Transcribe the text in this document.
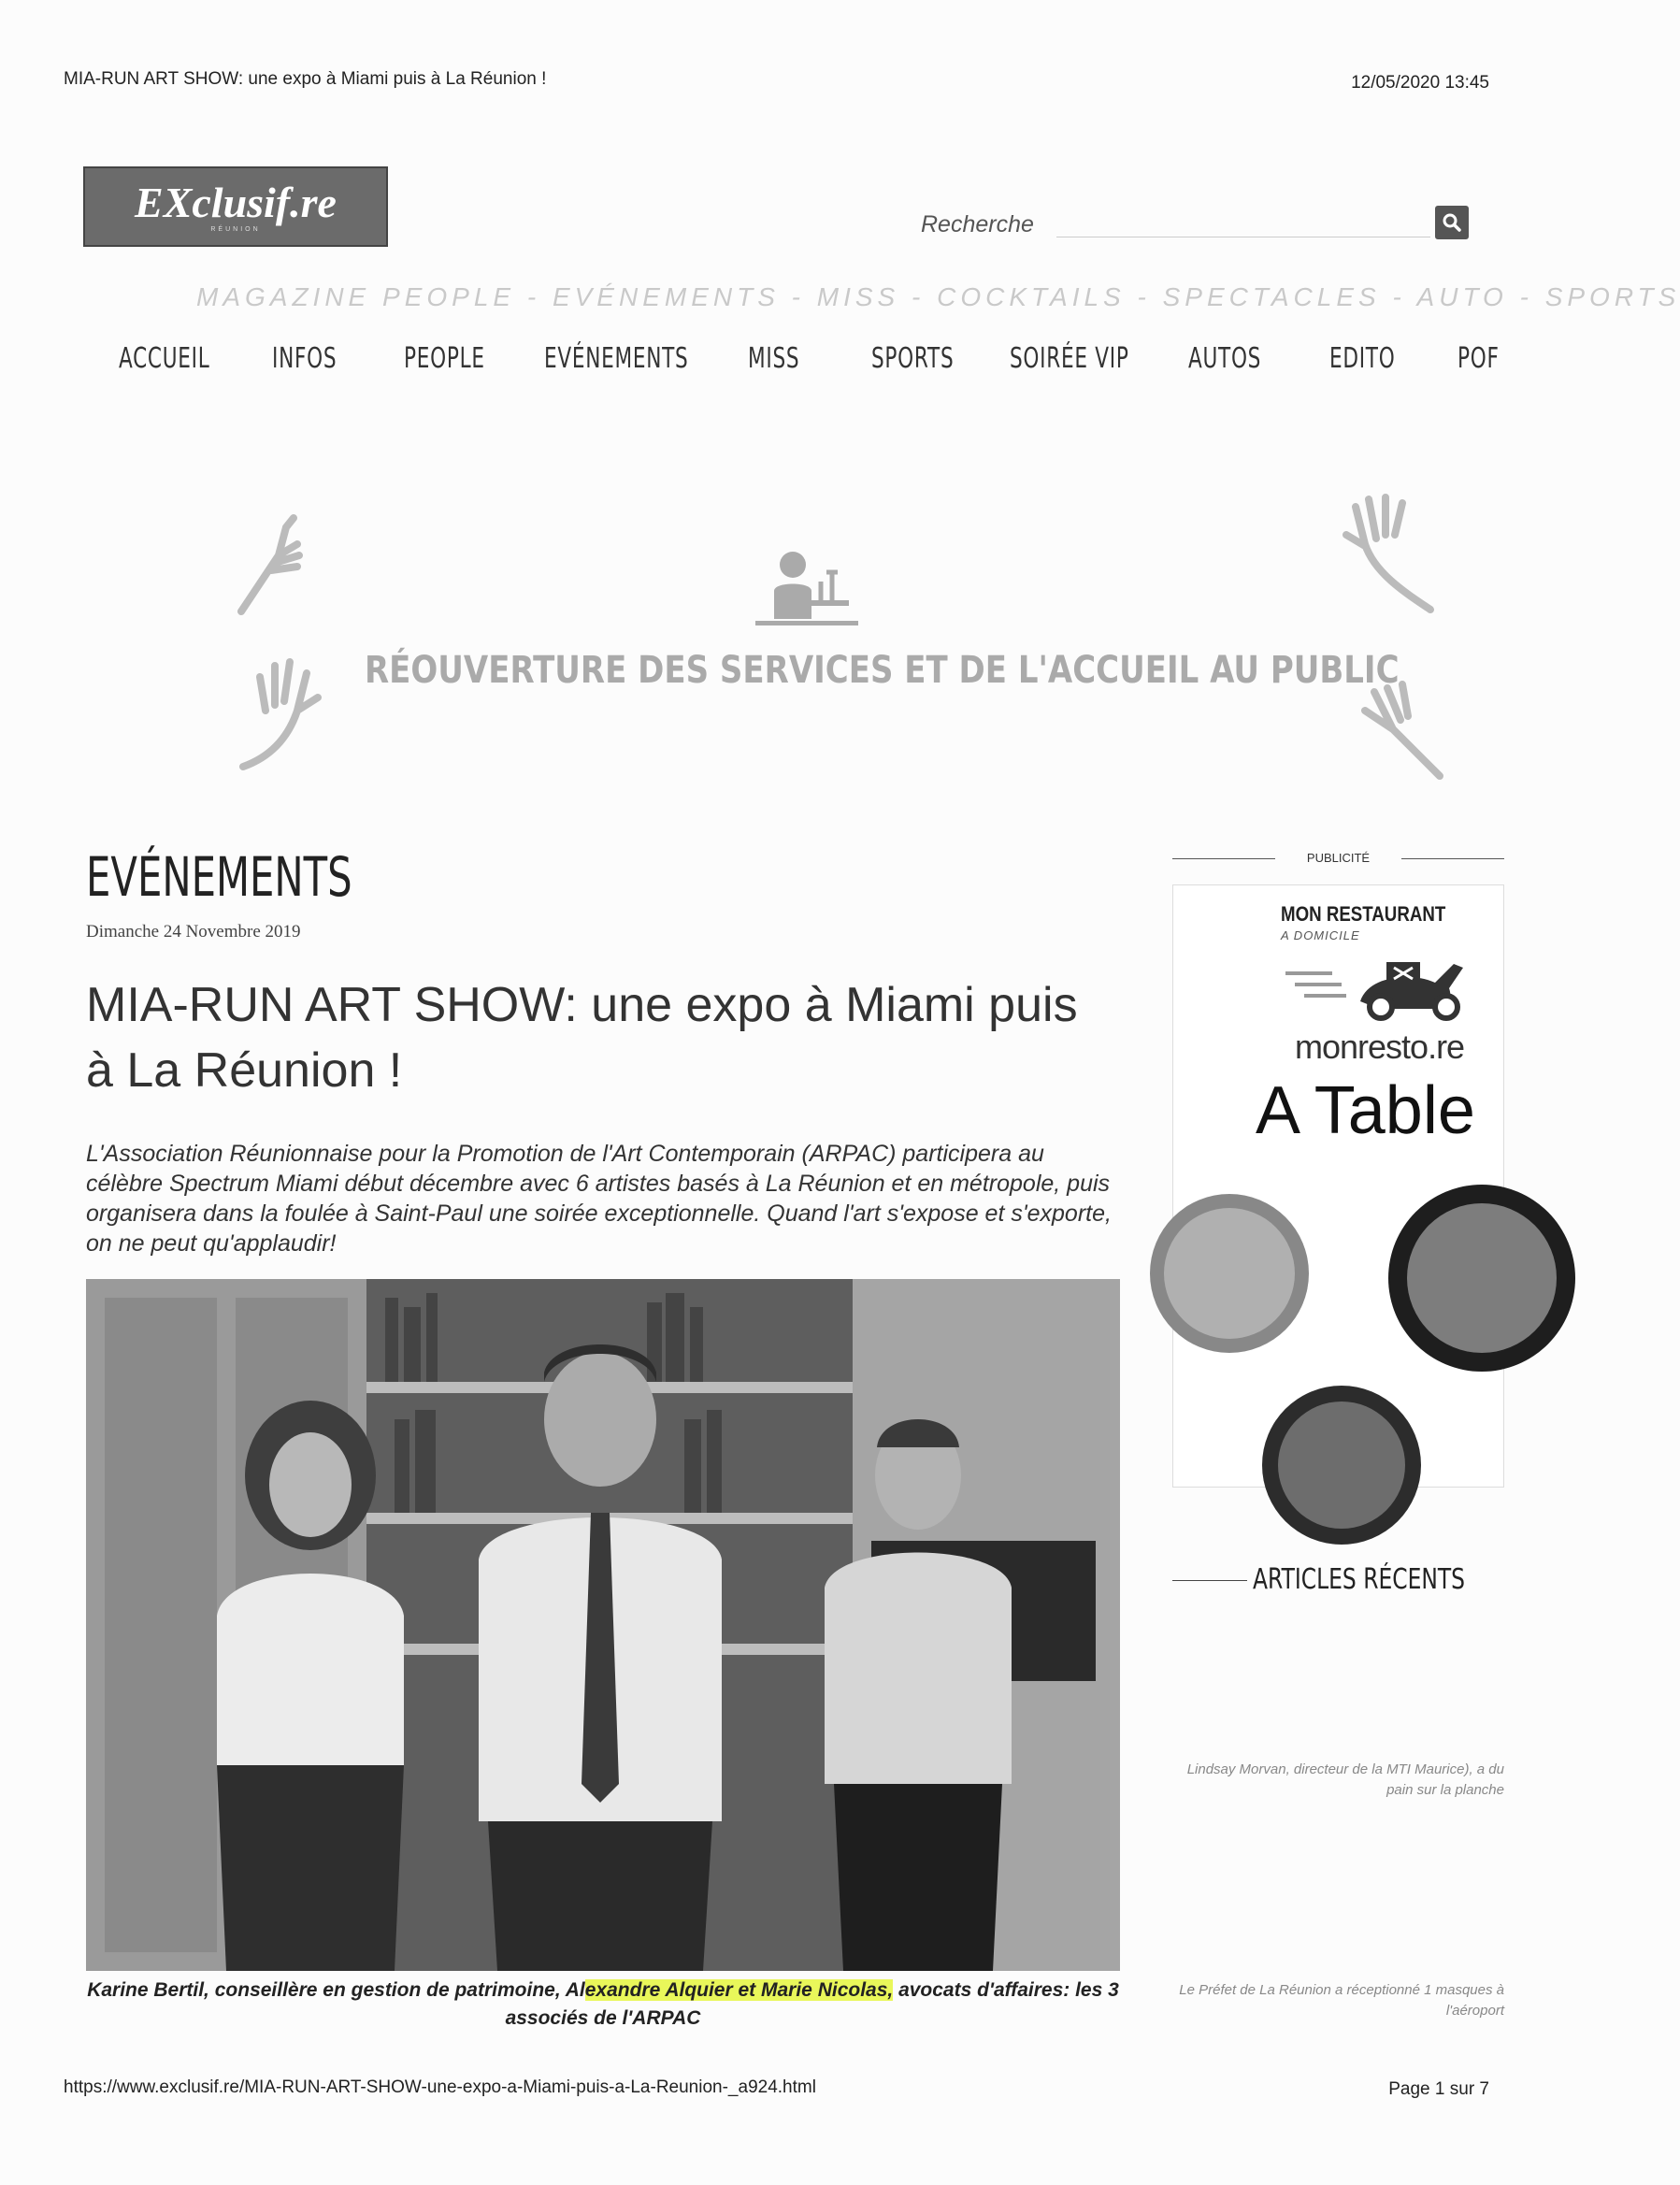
MIA-RUN ART SHOW: une expo à Miami puis à La Réunion !	12/05/2020 13:45
EXclusif.re
RÉUNION	Recherche
MAGAZINE PEOPLE - EVÉNEMENTS - MISS - COCKTAILS - SPECTACLES - AUTO - SPORTS
ACCUEIL INFOS PEOPLE EVÉNEMENTS MISS	SPORTS SOIRÉE VIP AUTOS EDITO POF
RÉOUVERTURE DES SERVICES ET DE L'ACCUEIL AU PUBLIC
EVÉNEMENTS
Dimanche 24 Novembre 2019
MIA-RUN ART SHOW: une expo à Miami puis à La Réunion !

L'Association Réunionnaise pour la Promotion de l'Art Contemporain (ARPAC) participera au célèbre Spectrum Miami début décembre avec 6 artistes basés à La Réunion et en métropole, puis organisera dans la foulée à Saint-Paul une soirée exceptionnelle. Quand l'art s'expose et s'exporte, on ne peut qu'applaudir!

Karine Bertil, conseillère en gestion de patrimoine, Alexandre Alquier et Marie Nicolas, avocats d'affaires: les 3 associés de l'ARPAC
PUBLICITÉ
MON RESTAURANT
A DOMICILE
monresto.re
A Table
ARTICLES RÉCENTS
Lindsay Morvan, directeur de la MTI Maurice), a du pain sur la planche
Le Préfet de La Réunion a réceptionné 1 masques à l'aéroport
https://www.exclusif.re/MIA-RUN-ART-SHOW-une-expo-a-Miami-puis-a-La-Reunion-_a924.html	Page 1 sur 7
